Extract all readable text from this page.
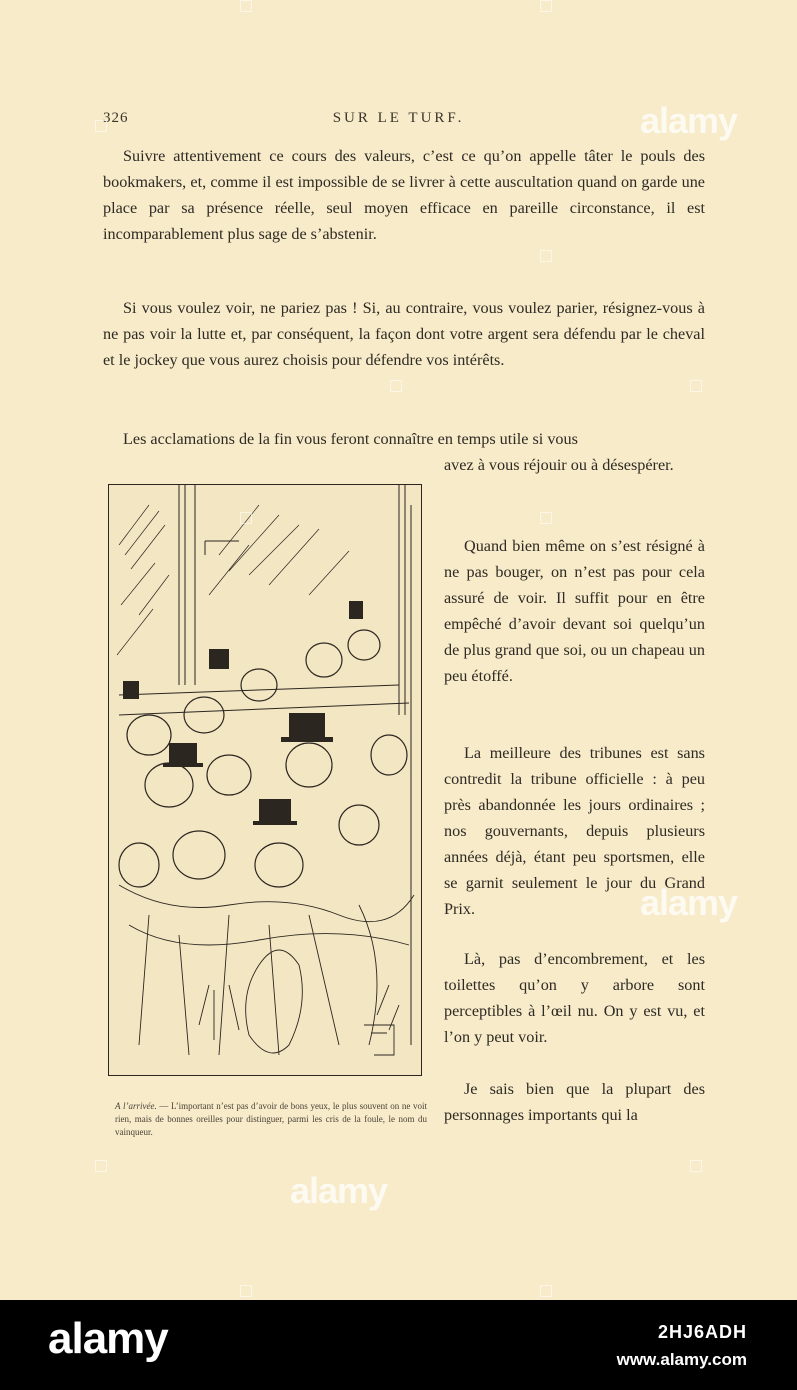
326	SUR LE TURF.

Suivre attentivement ce cours des valeurs, c’est ce qu’on appelle tâter le pouls des bookmakers, et, comme il est impossible de se livrer à cette auscultation quand on garde une place par sa présence réelle, seul moyen efficace en pareille circonstance, il est incomparablement plus sage de s’abstenir.

Si vous voulez voir, ne pariez pas ! Si, au contraire, vous voulez parier, résignez-vous à ne pas voir la lutte et, par conséquent, la façon dont votre argent sera défendu par le cheval et le jockey que vous aurez choisis pour défendre vos intérêts.

Les acclamations de la fin vous feront connaître en temps utile si vous

avez à vous réjouir ou à désespérer.

Quand bien même on s’est résigné à ne pas bouger, on n’est pas pour cela assuré de voir. Il suffit pour en être empêché d’avoir devant soi quelqu’un de plus grand que soi, ou un chapeau un peu étoffé.

La meilleure des tribunes est sans contredit la tribune officielle : à peu près abandonnée les jours ordinaires ; nos gouvernants, depuis plusieurs années déjà, étant peu sportsmen, elle se garnit seulement le jour du Grand Prix.

Là, pas d’encombrement, et les toilettes qu’on y arbore sont perceptibles à l’œil nu. On y est vu, et l’on y peut voir.

Je sais bien que la plupart des personnages importants qui la

A l’arrivée. — L’important n’est pas d’avoir de bons yeux, le plus souvent on ne voit rien, mais de bonnes oreilles pour distinguer, parmi les cris de la foule, le nom du vainqueur.

alamy
alamy
alamy
alamy	2HJ6ADH
www.alamy.com
